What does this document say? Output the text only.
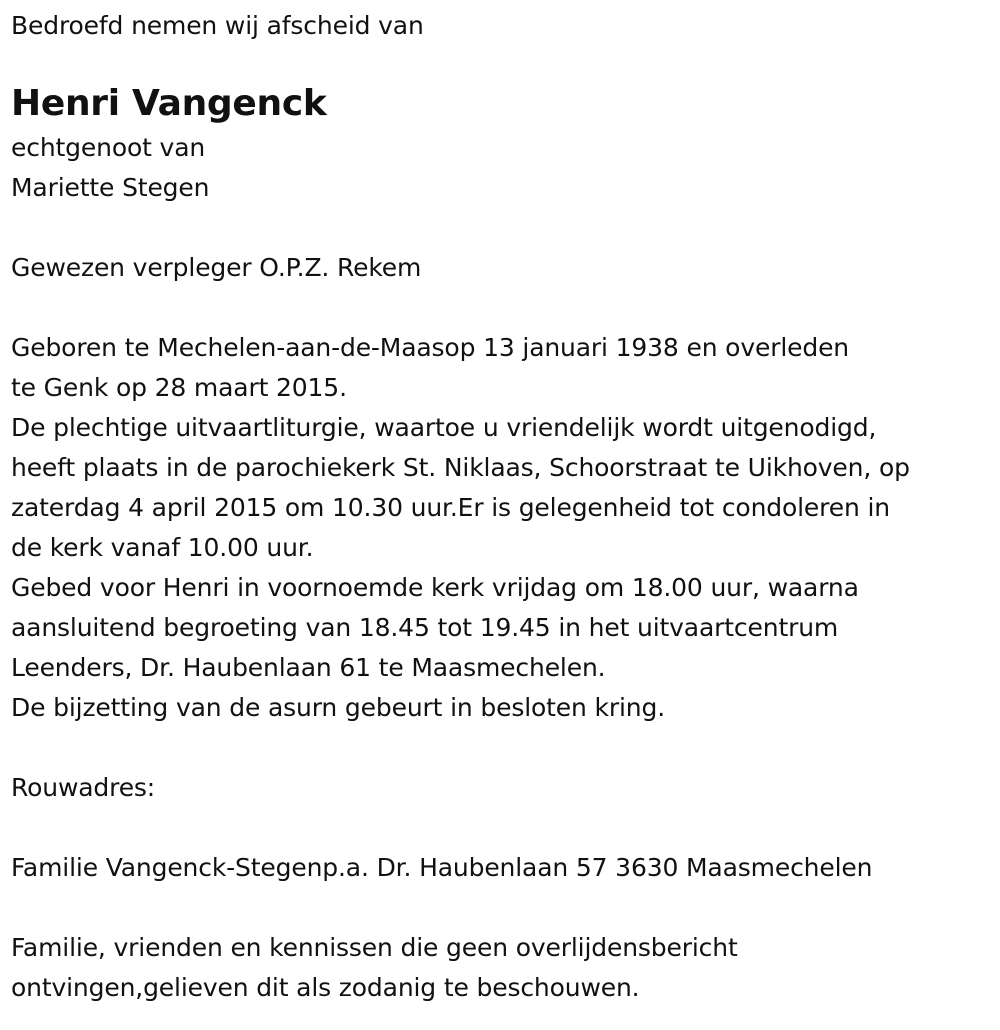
Bedroefd nemen wij afscheid van
Henri Vangenck
echtgenoot van
Mariette Stegen
Gewezen verpleger O.P.Z. Rekem
Geboren te Mechelen-aan-de-Maasop 13 januari 1938 en overleden
te Genk op 28 maart 2015.
De plechtige uitvaartliturgie, waartoe u vriendelijk wordt uitgenodigd,
heeft plaats in de parochiekerk St. Niklaas, Schoorstraat te Uikhoven, op
zaterdag 4 april 2015 om 10.30 uur.Er is gelegenheid tot condoleren in
de kerk vanaf 10.00 uur.
Gebed voor Henri in voornoemde kerk vrijdag om 18.00 uur, waarna
aansluitend begroeting van 18.45 tot 19.45 in het uitvaartcentrum
Leenders, Dr. Haubenlaan 61 te Maasmechelen.
De bijzetting van de asurn gebeurt in besloten kring.
Rouwadres:
Familie Vangenck-Stegenp.a. Dr. Haubenlaan 57 3630 Maasmechelen
Familie, vrienden en kennissen die geen overlijdensbericht
ontvingen,gelieven dit als zodanig te beschouwen.
